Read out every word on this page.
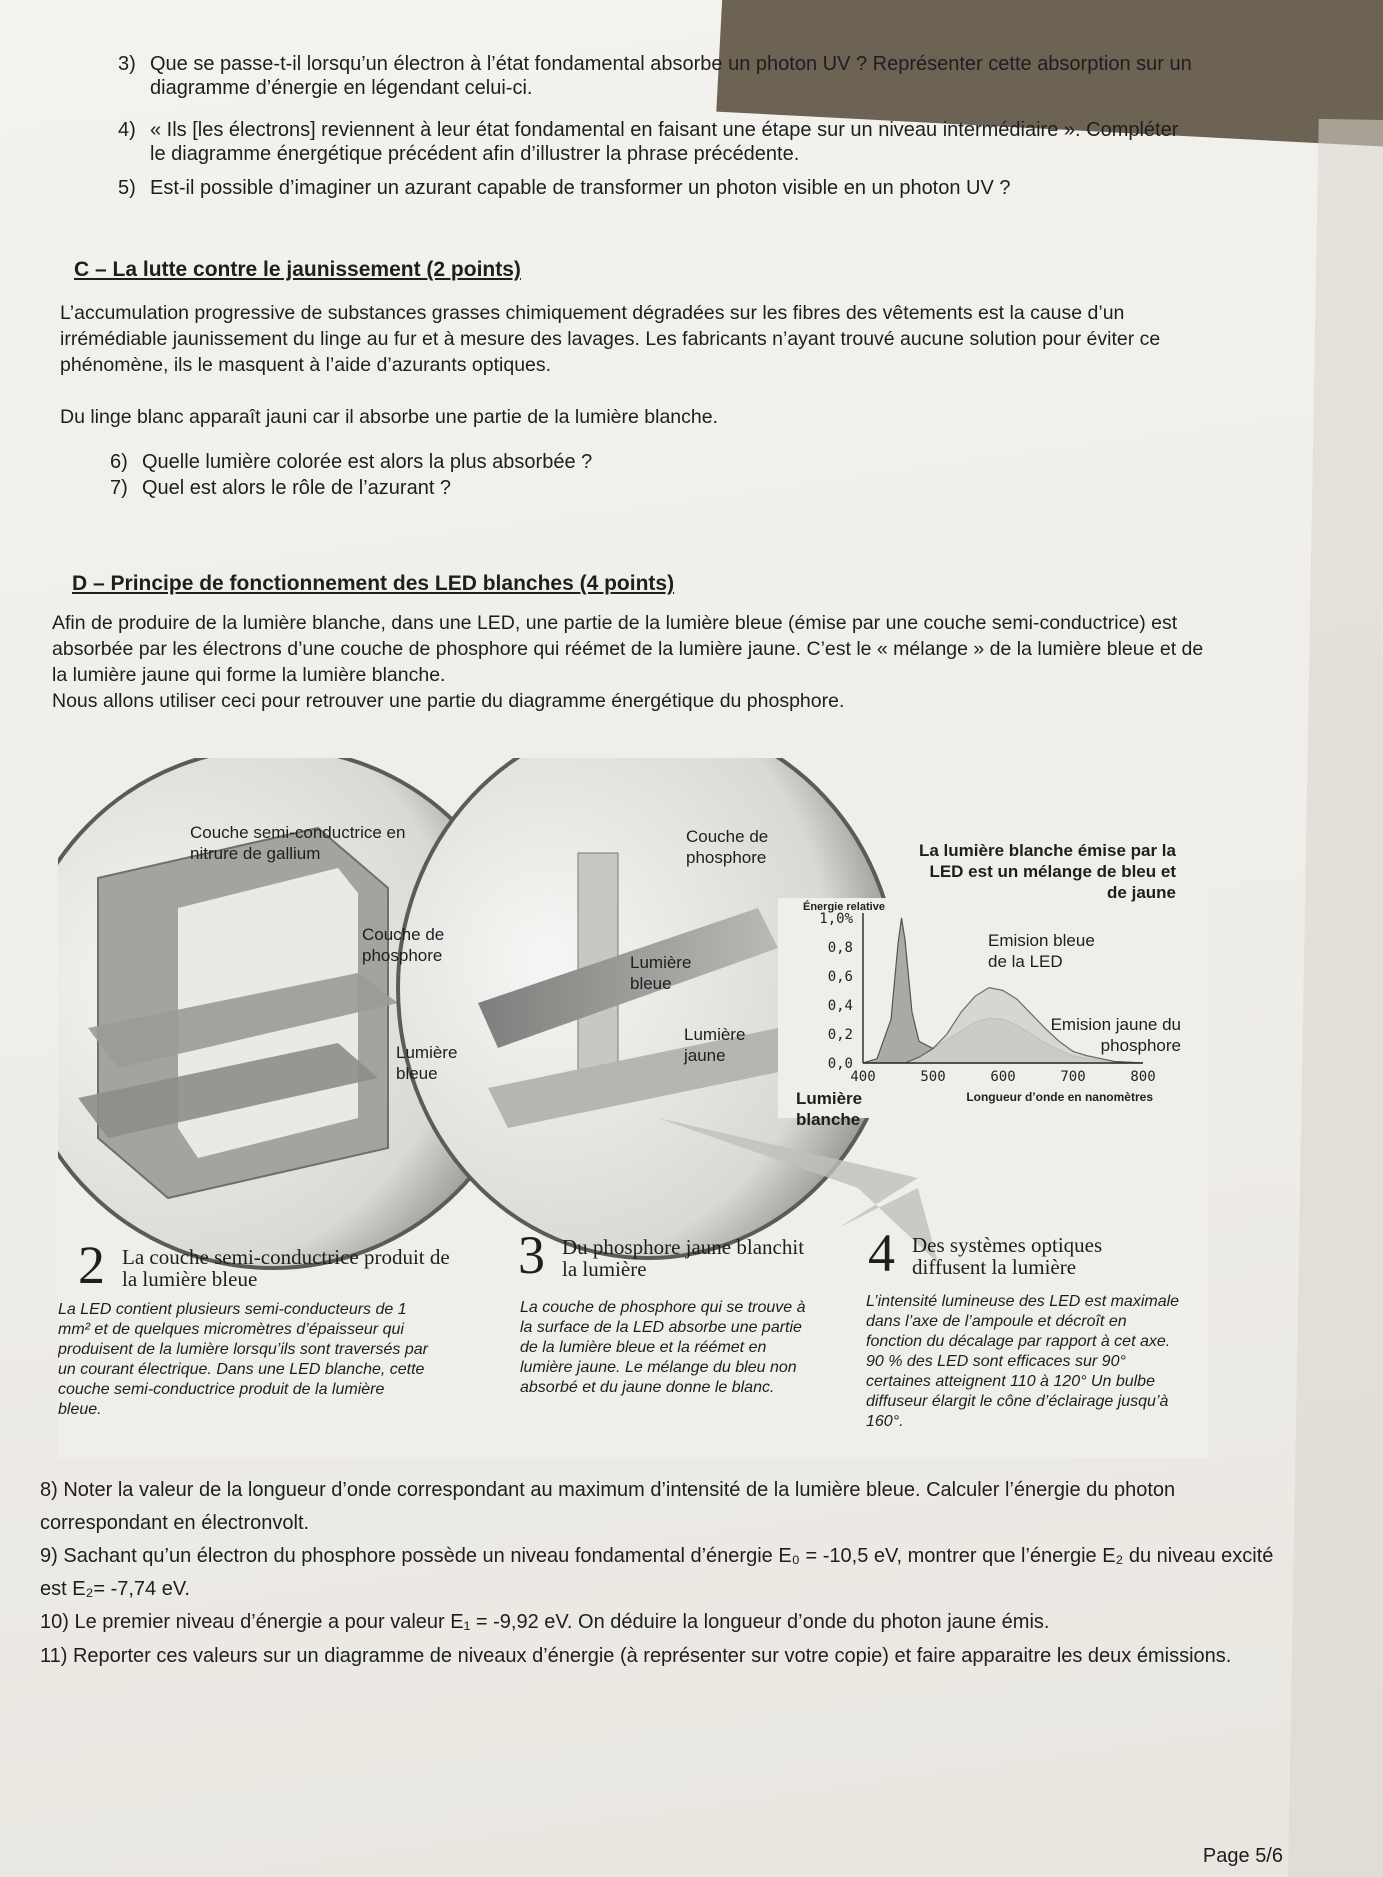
3) Que se passe-t-il lorsqu’un électron à l’état fondamental absorbe un photon UV ? Représenter cette absorption sur un diagramme d’énergie en légendant celui-ci.
4) « Ils [les électrons] reviennent à leur état fondamental en faisant une étape sur un niveau intermédiaire ». Compléter le diagramme énergétique précédent afin d’illustrer la phrase précédente.
5) Est-il possible d’imaginer un azurant capable de transformer un photon visible en un photon UV ?
C – La lutte contre le jaunissement (2 points)
L’accumulation progressive de substances grasses chimiquement dégradées sur les fibres des vêtements est la cause d’un irrémédiable jaunissement du linge au fur et à mesure des lavages. Les fabricants n’ayant trouvé aucune solution pour éviter ce phénomène, ils le masquent à l’aide d’azurants optiques.
Du linge blanc apparaît jauni car il absorbe une partie de la lumière blanche.
6) Quelle lumière colorée est alors la plus absorbée ?
7) Quel est alors le rôle de l’azurant ?
D – Principe de fonctionnement des LED blanches (4 points)
Afin de produire de la lumière blanche, dans une LED, une partie de la lumière bleue (émise par une couche semi-conductrice) est absorbée par les électrons d’une couche de phosphore qui réémet de la lumière jaune. C’est le « mélange » de la lumière bleue et de la lumière jaune qui forme la lumière blanche.
Nous allons utiliser ceci pour retrouver une partie du diagramme énergétique du phosphore.
0,0
0,2
0,4
0,6
0,8
1,0%
400	500	600	700	800
Énergie relative
Longueur d’onde en nanomètres
Couche semi-conductrice en nitrure de gallium
Couche de phosphore
Lumière bleue
Couche de phosphore
Lumière bleue
Lumière jaune
Lumière blanche
La lumière blanche émise par la LED est un mélange de bleu et de jaune
Emision bleue de la LED
Emision jaune du phosphore
2 La couche semi-conductrice produit de la lumière bleue
La LED contient plusieurs semi-conducteurs de 1 mm² et de quelques micromètres d’épaisseur qui produisent de la lumière lorsqu’ils sont traversés par un courant électrique. Dans une LED blanche, cette couche semi-conductrice produit de la lumière bleue.
3 Du phosphore jaune blanchit la lumière
La couche de phosphore qui se trouve à la surface de la LED absorbe une partie de la lumière bleue et la réémet en lumière jaune. Le mélange du bleu non absorbé et du jaune donne le blanc.
4 Des systèmes optiques diffusent la lumière
L’intensité lumineuse des LED est maximale dans l’axe de l’ampoule et décroît en fonction du décalage par rapport à cet axe. 90 % des LED sont efficaces sur 90° certaines atteignent 110 à 120° Un bulbe diffuseur élargit le cône d’éclairage jusqu’à 160°.
8) Noter la valeur de la longueur d’onde correspondant au maximum d’intensité de la lumière bleue. Calculer l’énergie du photon correspondant en électronvolt.
9) Sachant qu’un électron du phosphore possède un niveau fondamental d’énergie E₀ = -10,5 eV, montrer que l’énergie E₂ du niveau excité est E₂= -7,74 eV.
10) Le premier niveau d’énergie a pour valeur E₁ = -9,92 eV. On déduire la longueur d’onde du photon jaune émis.
11) Reporter ces valeurs sur un diagramme de niveaux d’énergie (à représenter sur votre copie) et faire apparaitre les deux émissions.
Page 5/6
